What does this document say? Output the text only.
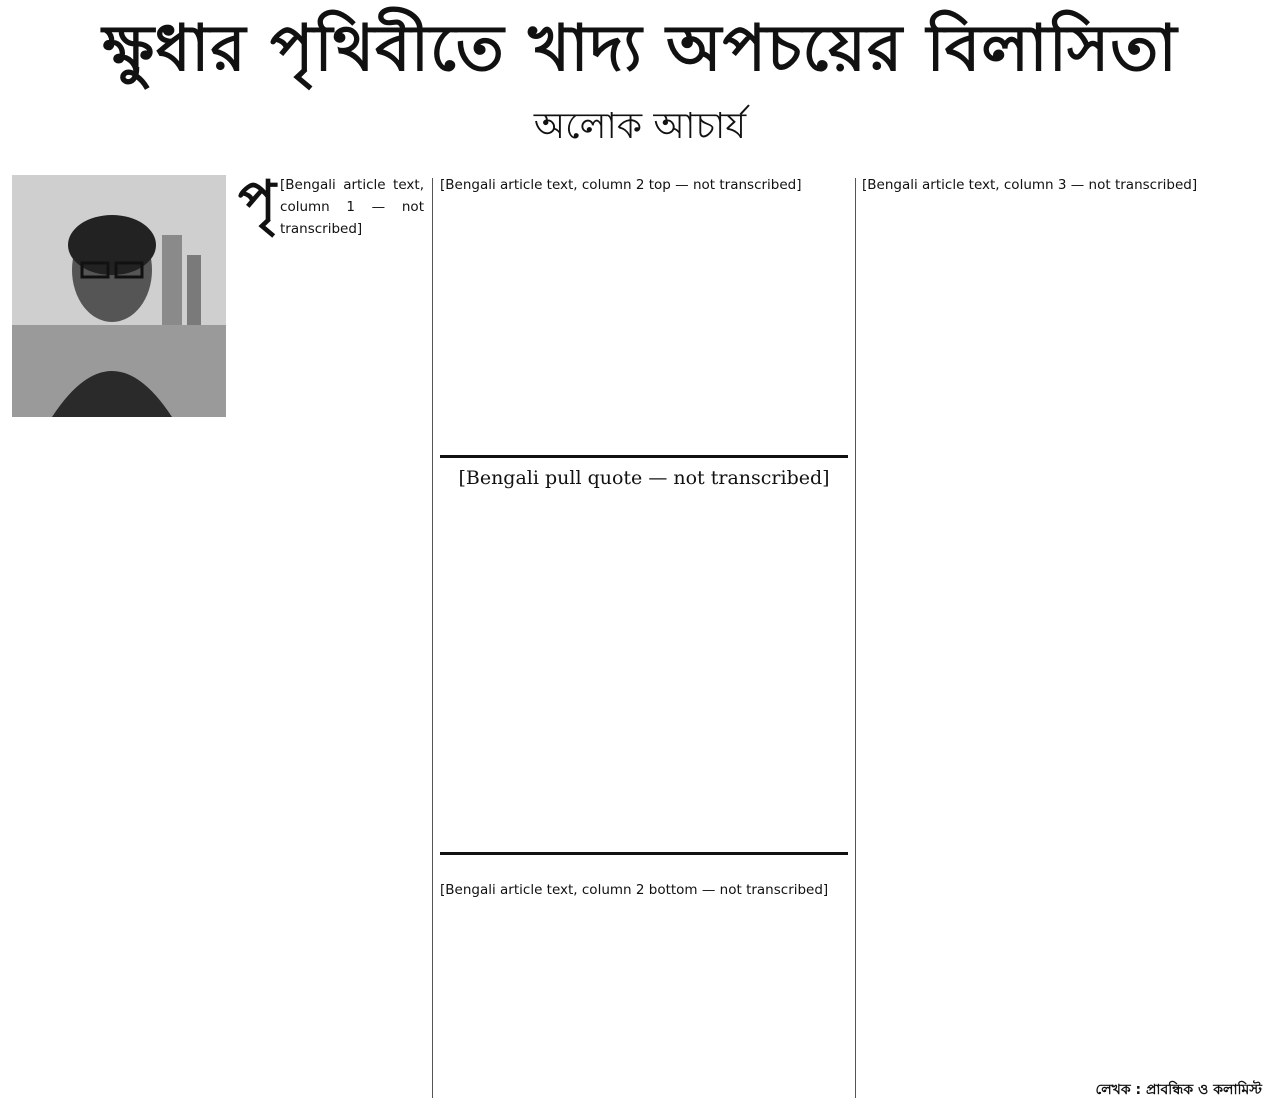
ক্ষুধার পৃথিবীতে খাদ্য অপচয়ের বিলাসিতা
অলোক আচার্য
পৃ [Bengali article text, column 1 — not transcribed]

[Bengali article text, column 2 top — not transcribed]

[Bengali pull quote — not transcribed]

[Bengali article text, column 2 bottom — not transcribed]

[Bengali article text, column 3 — not transcribed]

লেখক : প্রাবন্ধিক ও কলামিস্ট
